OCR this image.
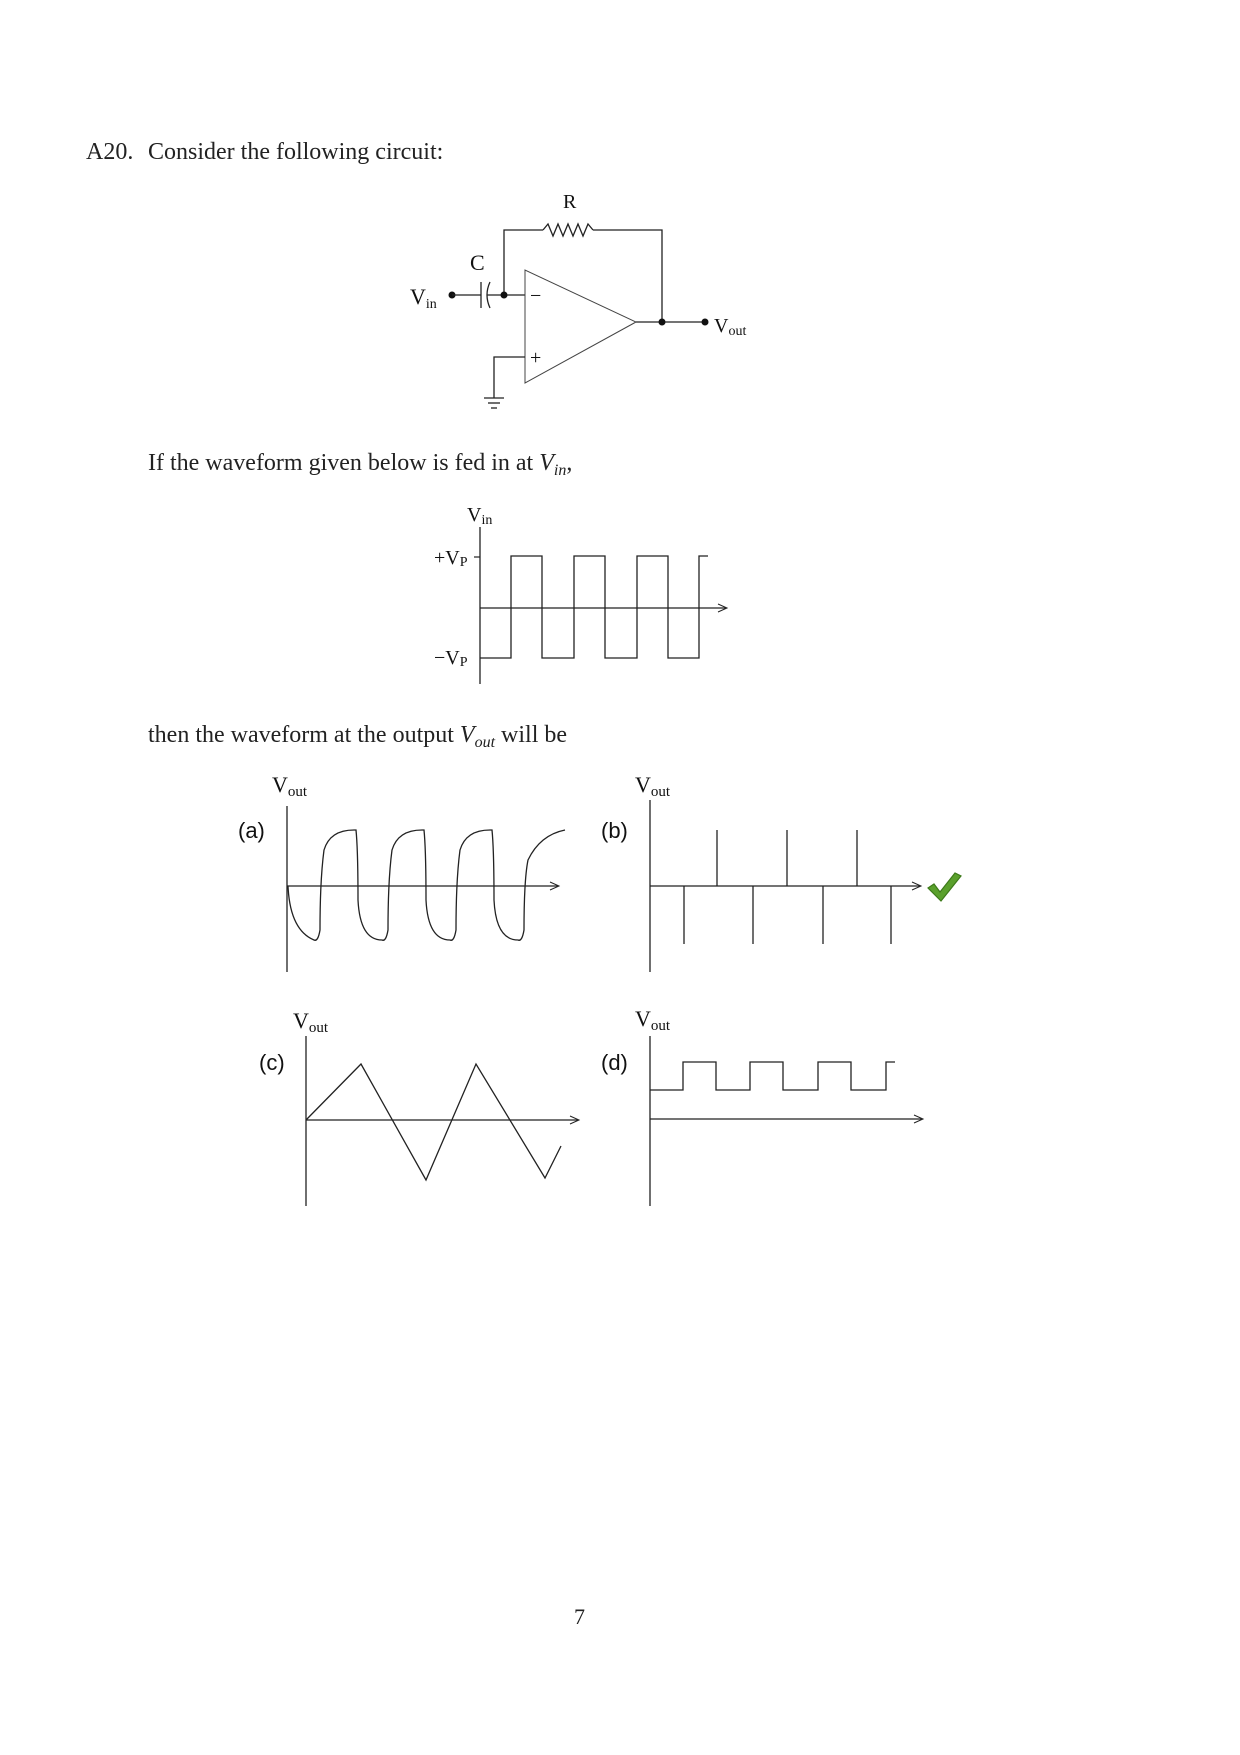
A20. Consider the following circuit:
R
C
Vin	−
+
Vout
If the waveform given below is fed in at $V_{in}$,
Vin
+VP
−VP
then the waveform at the output $V_{out}$ will be
Vout
(a)
Vout
(b)
Vout
(c)
Vout
(d)
7
